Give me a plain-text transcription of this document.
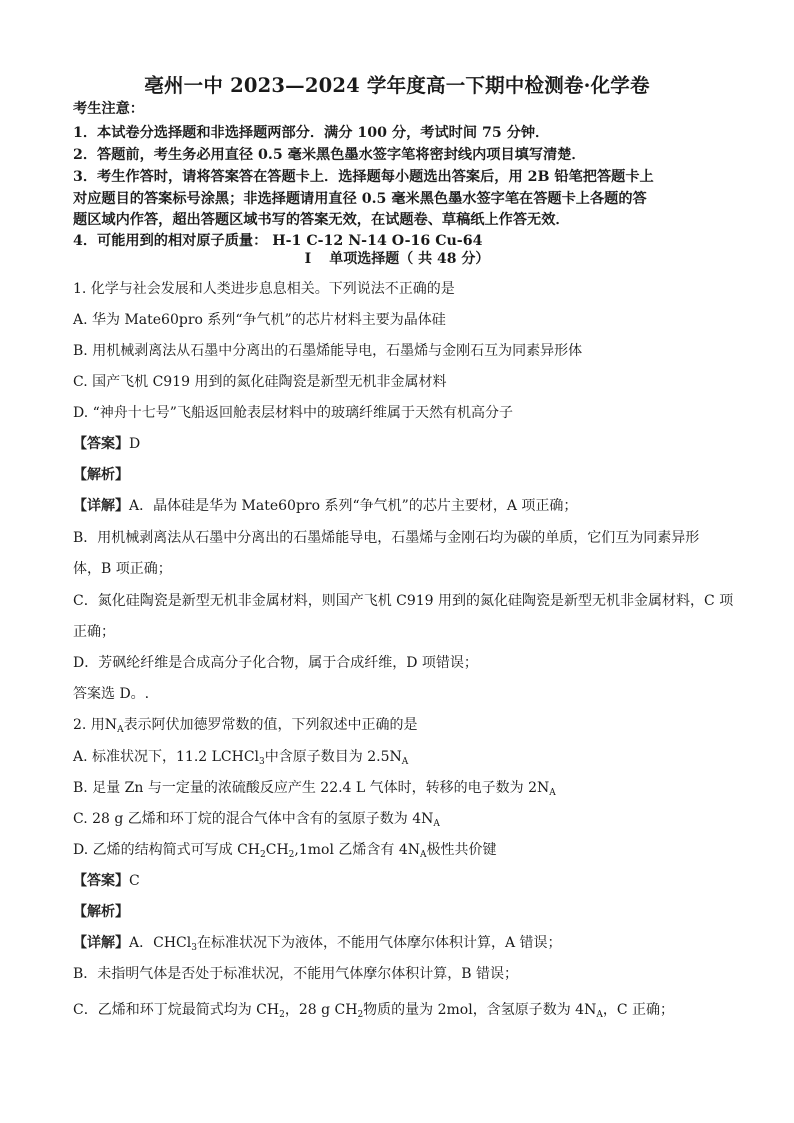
亳州一中 2023—2024 学年度高一下期中检测卷·化学卷
考生注意：
1．本试卷分选择题和非选择题两部分．满分 100 分，考试时间 75 分钟．
2．答题前，考生务必用直径 0.5 毫米黑色墨水签字笔将密封线内项目填写清楚．
3．考生作答时，请将答案答在答题卡上．选择题每小题选出答案后，用 2B 铅笔把答题卡上
对应题目的答案标号涂黑；非选择题请用直径 0.5 毫米黑色墨水签字笔在答题卡上各题的答
题区域内作答，超出答题区域书写的答案无效，在试题卷、草稿纸上作答无效．
4．可能用到的相对原子质量： H-1 C-12 N-14 O-16 Cu-64
I 单项选择题（ 共 48 分）
1. 化学与社会发展和人类进步息息相关。下列说法不正确的是
A. 华为 Mate60pro 系列“争气机”的芯片材料主要为晶体硅
B. 用机械剥离法从石墨中分离出的石墨烯能导电，石墨烯与金刚石互为同素异形体
C. 国产飞机 C919 用到的氮化硅陶瓷是新型无机非金属材料
D. “神舟十七号”飞船返回舱表层材料中的玻璃纤维属于天然有机高分子
【答案】D
【解析】
【详解】A．晶体硅是华为 Mate60pro 系列“争气机”的芯片主要材，A 项正确；
B．用机械剥离法从石墨中分离出的石墨烯能导电，石墨烯与金刚石均为碳的单质，它们互为同素异形
体，B 项正确；
C．氮化硅陶瓷是新型无机非金属材料，则国产飞机 C919 用到的氮化硅陶瓷是新型无机非金属材料，C 项
正确；
D．芳砜纶纤维是合成高分子化合物，属于合成纤维，D 项错误；
答案选 D。.
2. 用$N_A$表示阿伏加德罗常数的值，下列叙述中正确的是
A. 标准状况下，11.2 LCHCl$_3$中含原子数目为 $2.5N_A$
B. 足量 Zn 与一定量的浓硫酸反应产生 22.4 L 气体时，转移的电子数为 $2N_A$
C. 28 g 乙烯和环丁烷的混合气体中含有的氢原子数为 $4N_A$
D. 乙烯的结构简式可写成 $CH_2CH_2,1mol$ 乙烯含有 $4N_A$极性共价键
【答案】C
【解析】
【详解】A．CHCl$_3$在标准状况下为液体，不能用气体摩尔体积计算，A 错误；
B．未指明气体是否处于标准状况，不能用气体摩尔体积计算，B 错误；
C．乙烯和环丁烷最简式均为 $CH_2$，28 g $CH_2$物质的量为 2mol，含氢原子数为 $4N_A$，C 正确；
